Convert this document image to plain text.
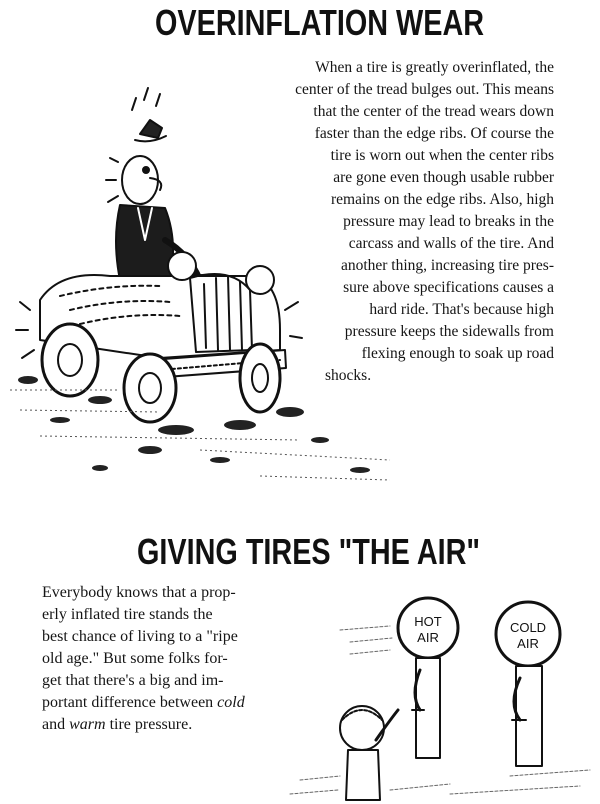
OVERINFLATION WEAR
When a tire is greatly overinflated, the
center of the tread bulges out. This means
that the center of the tread wears down
faster than the edge ribs. Of course the
tire is worn out when the center ribs
are gone even though usable rubber
remains on the edge ribs. Also, high
pressure may lead to breaks in the
carcass and walls of the tire. And
another thing, increasing tire pres-
sure above specifications causes a
hard ride. That's because high
pressure keeps the sidewalls from
flexing enough to soak up road
shocks.
GIVING TIRES "THE AIR"
Everybody knows that a prop-
erly inflated tire stands the
best chance of living to a "ripe
old age." But some folks for-
get that there's a big and im-
portant difference between cold
and warm tire pressure.
HOT
AIR
COLD
AIR
